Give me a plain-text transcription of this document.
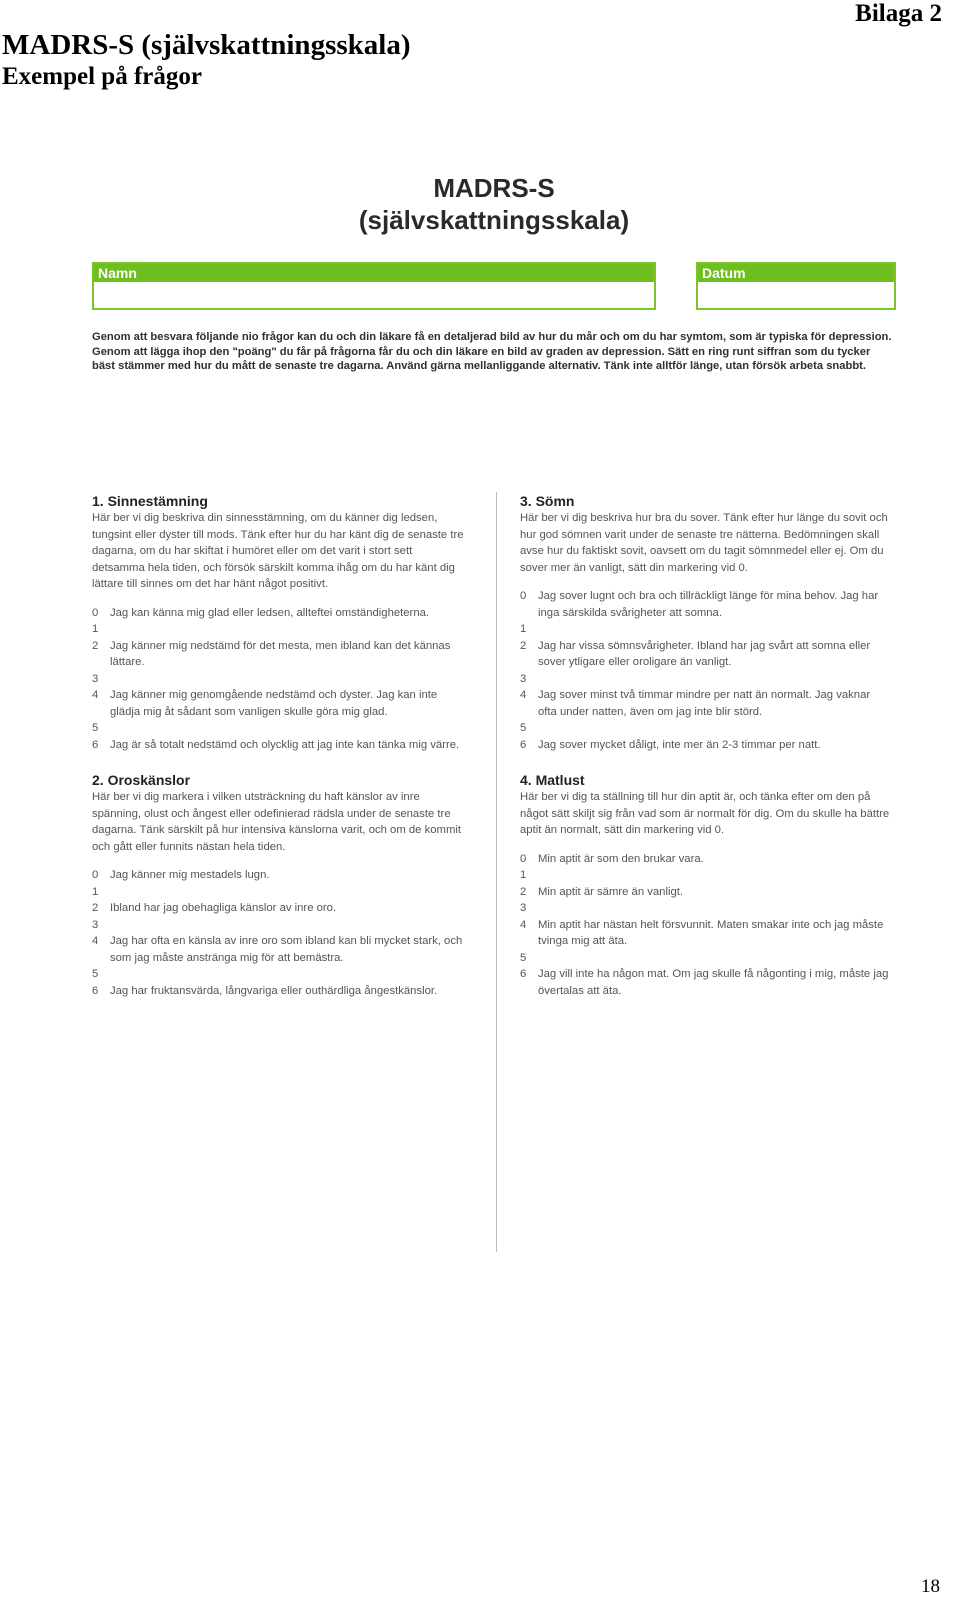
Bilaga 2
MADRS-S (självskattningsskala)
Exempel på frågor
MADRS-S
(självskattningsskala)
Namn	Datum
Genom att besvara följande nio frågor kan du och din läkare få en detaljerad bild av hur du mår och om du har symtom, som är typiska för depression. Genom att lägga ihop den "poäng" du får på frågorna får du och din läkare en bild av graden av depression. Sätt en ring runt siffran som du tycker bäst stämmer med hur du mått de senaste tre dagarna. Använd gärna mellanliggande alternativ. Tänk inte alltför länge, utan försök arbeta snabbt.
1. Sinnestämning
Här ber vi dig beskriva din sinnesstämning, om du känner dig ledsen, tungsint eller dyster till mods. Tänk efter hur du har känt dig de senaste tre dagarna, om du har skiftat i humöret eller om det varit i stort sett detsamma hela tiden, och försök särskilt komma ihåg om du har känt dig lättare till sinnes om det har hänt något positivt.
0	Jag kan känna mig glad eller ledsen, allteftei omständigheterna.
1
2	Jag känner mig nedstämd för det mesta, men ibland kan det kännas lättare.
3
4	Jag känner mig genomgående nedstämd och dyster. Jag kan inte glädja mig åt sådant som vanligen skulle göra mig glad.
5
6	Jag är så totalt nedstämd och olycklig att jag inte kan tänka mig värre.
2. Oroskänslor
Här ber vi dig markera i vilken utsträckning du haft känslor av inre spänning, olust och ångest eller odefinierad rädsla under de senaste tre dagarna. Tänk särskilt på hur intensiva känslorna varit, och om de kommit och gått eller funnits nästan hela tiden.
0	Jag känner mig mestadels lugn.
1
2	Ibland har jag obehagliga känslor av inre oro.
3
4	Jag har ofta en känsla av inre oro som ibland kan bli mycket stark, och som jag måste anstränga mig för att bemästra.
5
6	Jag har fruktansvärda, långvariga eller outhärdliga ångestkänslor.
3. Sömn
Här ber vi dig beskriva hur bra du sover. Tänk efter hur länge du sovit och hur god sömnen varit under de senaste tre nätterna. Bedömningen skall avse hur du faktiskt sovit, oavsett om du tagit sömnmedel eller ej. Om du sover mer än vanligt, sätt din markering vid 0.
0	Jag sover lugnt och bra och tillräckligt länge för mina behov. Jag har inga särskilda svårigheter att somna.
1
2	Jag har vissa sömnsvårigheter. Ibland har jag svårt att somna eller sover ytligare eller oroligare än vanligt.
3
4	Jag sover minst två timmar mindre per natt än normalt. Jag vaknar ofta under natten, även om jag inte blir störd.
5
6	Jag sover mycket dåligt, inte mer än 2-3 timmar per natt.
4. Matlust
Här ber vi dig ta ställning till hur din aptit är, och tänka efter om den på något sätt skiljt sig från vad som är normalt för dig. Om du skulle ha bättre aptit än normalt, sätt din markering vid 0.
0	Min aptit är som den brukar vara.
1
2	Min aptit är sämre än vanligt.
3
4	Min aptit har nästan helt försvunnit. Maten smakar inte och jag måste tvinga mig att äta.
5
6	Jag vill inte ha någon mat. Om jag skulle få någonting i mig, måste jag övertalas att äta.
18
